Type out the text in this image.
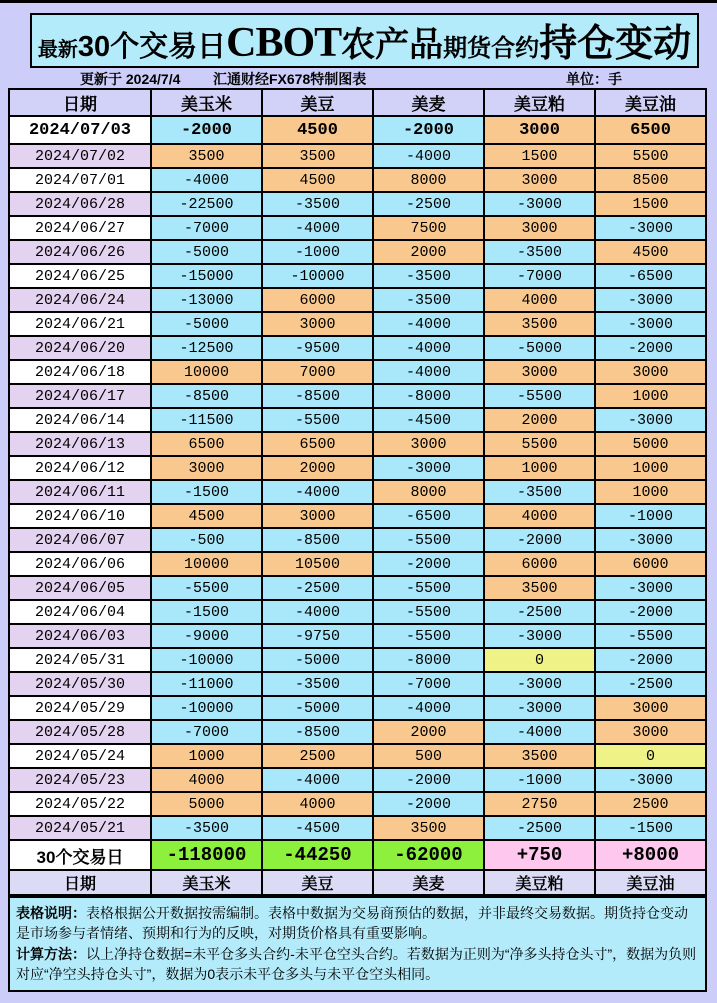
最新30个交易日CBOT农产品期货合约持仓变动
更新于 2024/7/4 汇通财经FX678特制图表	单位：手
日期	美玉米	美豆	美麦	美豆粕	美豆油
2024/07/03	-2000	4500	-2000	3000	6500
2024/07/02	3500	3500	-4000	1500	5500
2024/07/01	-4000	4500	8000	3000	8500
2024/06/28	-22500	-3500	-2500	-3000	1500
2024/06/27	-7000	-4000	7500	3000	-3000
2024/06/26	-5000	-1000	2000	-3500	4500
2024/06/25	-15000	-10000	-3500	-7000	-6500
2024/06/24	-13000	6000	-3500	4000	-3000
2024/06/21	-5000	3000	-4000	3500	-3000
2024/06/20	-12500	-9500	-4000	-5000	-2000
2024/06/18	10000	7000	-4000	3000	3000
2024/06/17	-8500	-8500	-8000	-5500	1000
2024/06/14	-11500	-5500	-4500	2000	-3000
2024/06/13	6500	6500	3000	5500	5000
2024/06/12	3000	2000	-3000	1000	1000
2024/06/11	-1500	-4000	8000	-3500	1000
2024/06/10	4500	3000	-6500	4000	-1000
2024/06/07	-500	-8500	-5500	-2000	-3000
2024/06/06	10000	10500	-2000	6000	6000
2024/06/05	-5500	-2500	-5500	3500	-3000
2024/06/04	-1500	-4000	-5500	-2500	-2000
2024/06/03	-9000	-9750	-5500	-3000	-5500
2024/05/31	-10000	-5000	-8000	0	-2000
2024/05/30	-11000	-3500	-7000	-3000	-2500
2024/05/29	-10000	-5000	-4000	-3000	3000
2024/05/28	-7000	-8500	2000	-4000	3000
2024/05/24	1000	2500	500	3500	0
2024/05/23	4000	-4000	-2000	-1000	-3000
2024/05/22	5000	4000	-2000	2750	2500
2024/05/21	-3500	-4500	3500	-2500	-1500
30个交易日	-118000	-44250	-62000	+750	+8000
日期	美玉米	美豆	美麦	美豆粕	美豆油

表格说明：表格根据公开数据按需编制。表格中数据为交易商预估的数据，并非最终交易数据。期货持仓变动是市场参与者情绪、预期和行为的反映，对期货价格具有重要影响。

计算方法：以上净持仓数据=未平仓多头合约-未平仓空头合约。若数据为正则为“净多头持仓头寸”，数据为负则对应“净空头持仓头寸”，数据为0表示未平仓多头与未平仓空头相同。
